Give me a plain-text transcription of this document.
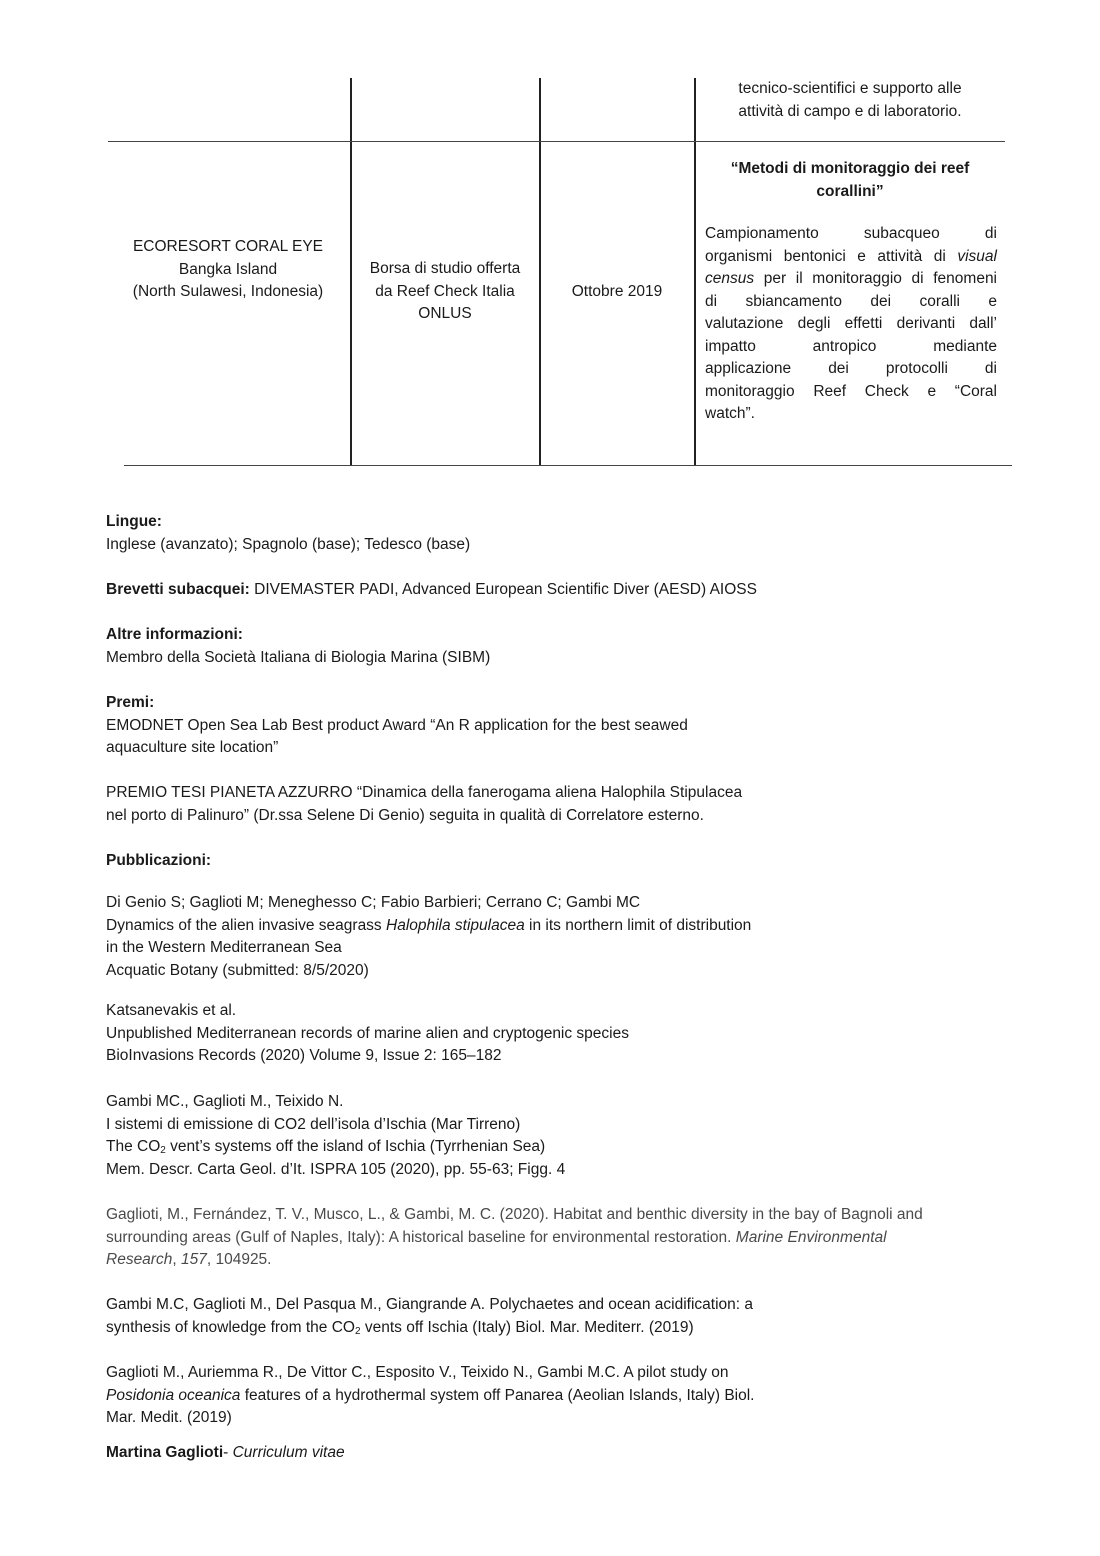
tecnico-scientifici e supporto alle
attività di campo e di laboratorio.
ECORESORT CORAL EYE
Bangka Island
(North Sulawesi, Indonesia)
Borsa di studio offerta
da Reef Check Italia
ONLUS
Ottobre 2019
“Metodi di monitoraggio dei reef
corallini”
Campionamento subacqueo di
organismi bentonici e attività di visual
census per il monitoraggio di fenomeni
di sbiancamento dei coralli e
valutazione degli effetti derivanti dall’
impatto antropico mediante
applicazione dei protocolli di
monitoraggio Reef Check e “Coral
watch”.
Lingue:
Inglese (avanzato); Spagnolo (base); Tedesco (base)
Brevetti subacquei: DIVEMASTER PADI, Advanced European Scientific Diver (AESD) AIOSS
Altre informazioni:
Membro della Società Italiana di Biologia Marina (SIBM)
Premi:
EMODNET Open Sea Lab Best product Award “An R application for the best seawed
aquaculture site location”
PREMIO TESI PIANETA AZZURRO “Dinamica della fanerogama aliena Halophila Stipulacea
nel porto di Palinuro” (Dr.ssa Selene Di Genio) seguita in qualità di Correlatore esterno.
Pubblicazioni:
Di Genio S; Gaglioti M; Meneghesso C; Fabio Barbieri; Cerrano C; Gambi MC
Dynamics of the alien invasive seagrass Halophila stipulacea in its northern limit of distribution
in the Western Mediterranean Sea
Acquatic Botany (submitted: 8/5/2020)
Katsanevakis et al.
Unpublished Mediterranean records of marine alien and cryptogenic species
BioInvasions Records (2020) Volume 9, Issue 2: 165–182
Gambi MC., Gaglioti M., Teixido N.
I sistemi di emissione di CO2 dell’isola d’Ischia (Mar Tirreno)
The $CO_2$ vent’s systems off the island of Ischia (Tyrrhenian Sea)
Mem. Descr. Carta Geol. d’It. ISPRA 105 (2020), pp. 55-63; Figg. 4
Gaglioti, M., Fernández, T. V., Musco, L., & Gambi, M. C. (2020). Habitat and benthic diversity in the bay of Bagnoli and
surrounding areas (Gulf of Naples, Italy): A historical baseline for environmental restoration. Marine Environmental
Research, 157, 104925.
Gambi M.C, Gaglioti M., Del Pasqua M., Giangrande A. Polychaetes and ocean acidification: a
synthesis of knowledge from the $CO_2$ vents off Ischia (Italy) Biol. Mar. Mediterr. (2019)
Gaglioti M., Auriemma R., De Vittor C., Esposito V., Teixido N., Gambi M.C. A pilot study on
Posidonia oceanica features of a hydrothermal system off Panarea (Aeolian Islands, Italy) Biol.
Mar. Medit. (2019)
Martina Gaglioti- Curriculum vitae
